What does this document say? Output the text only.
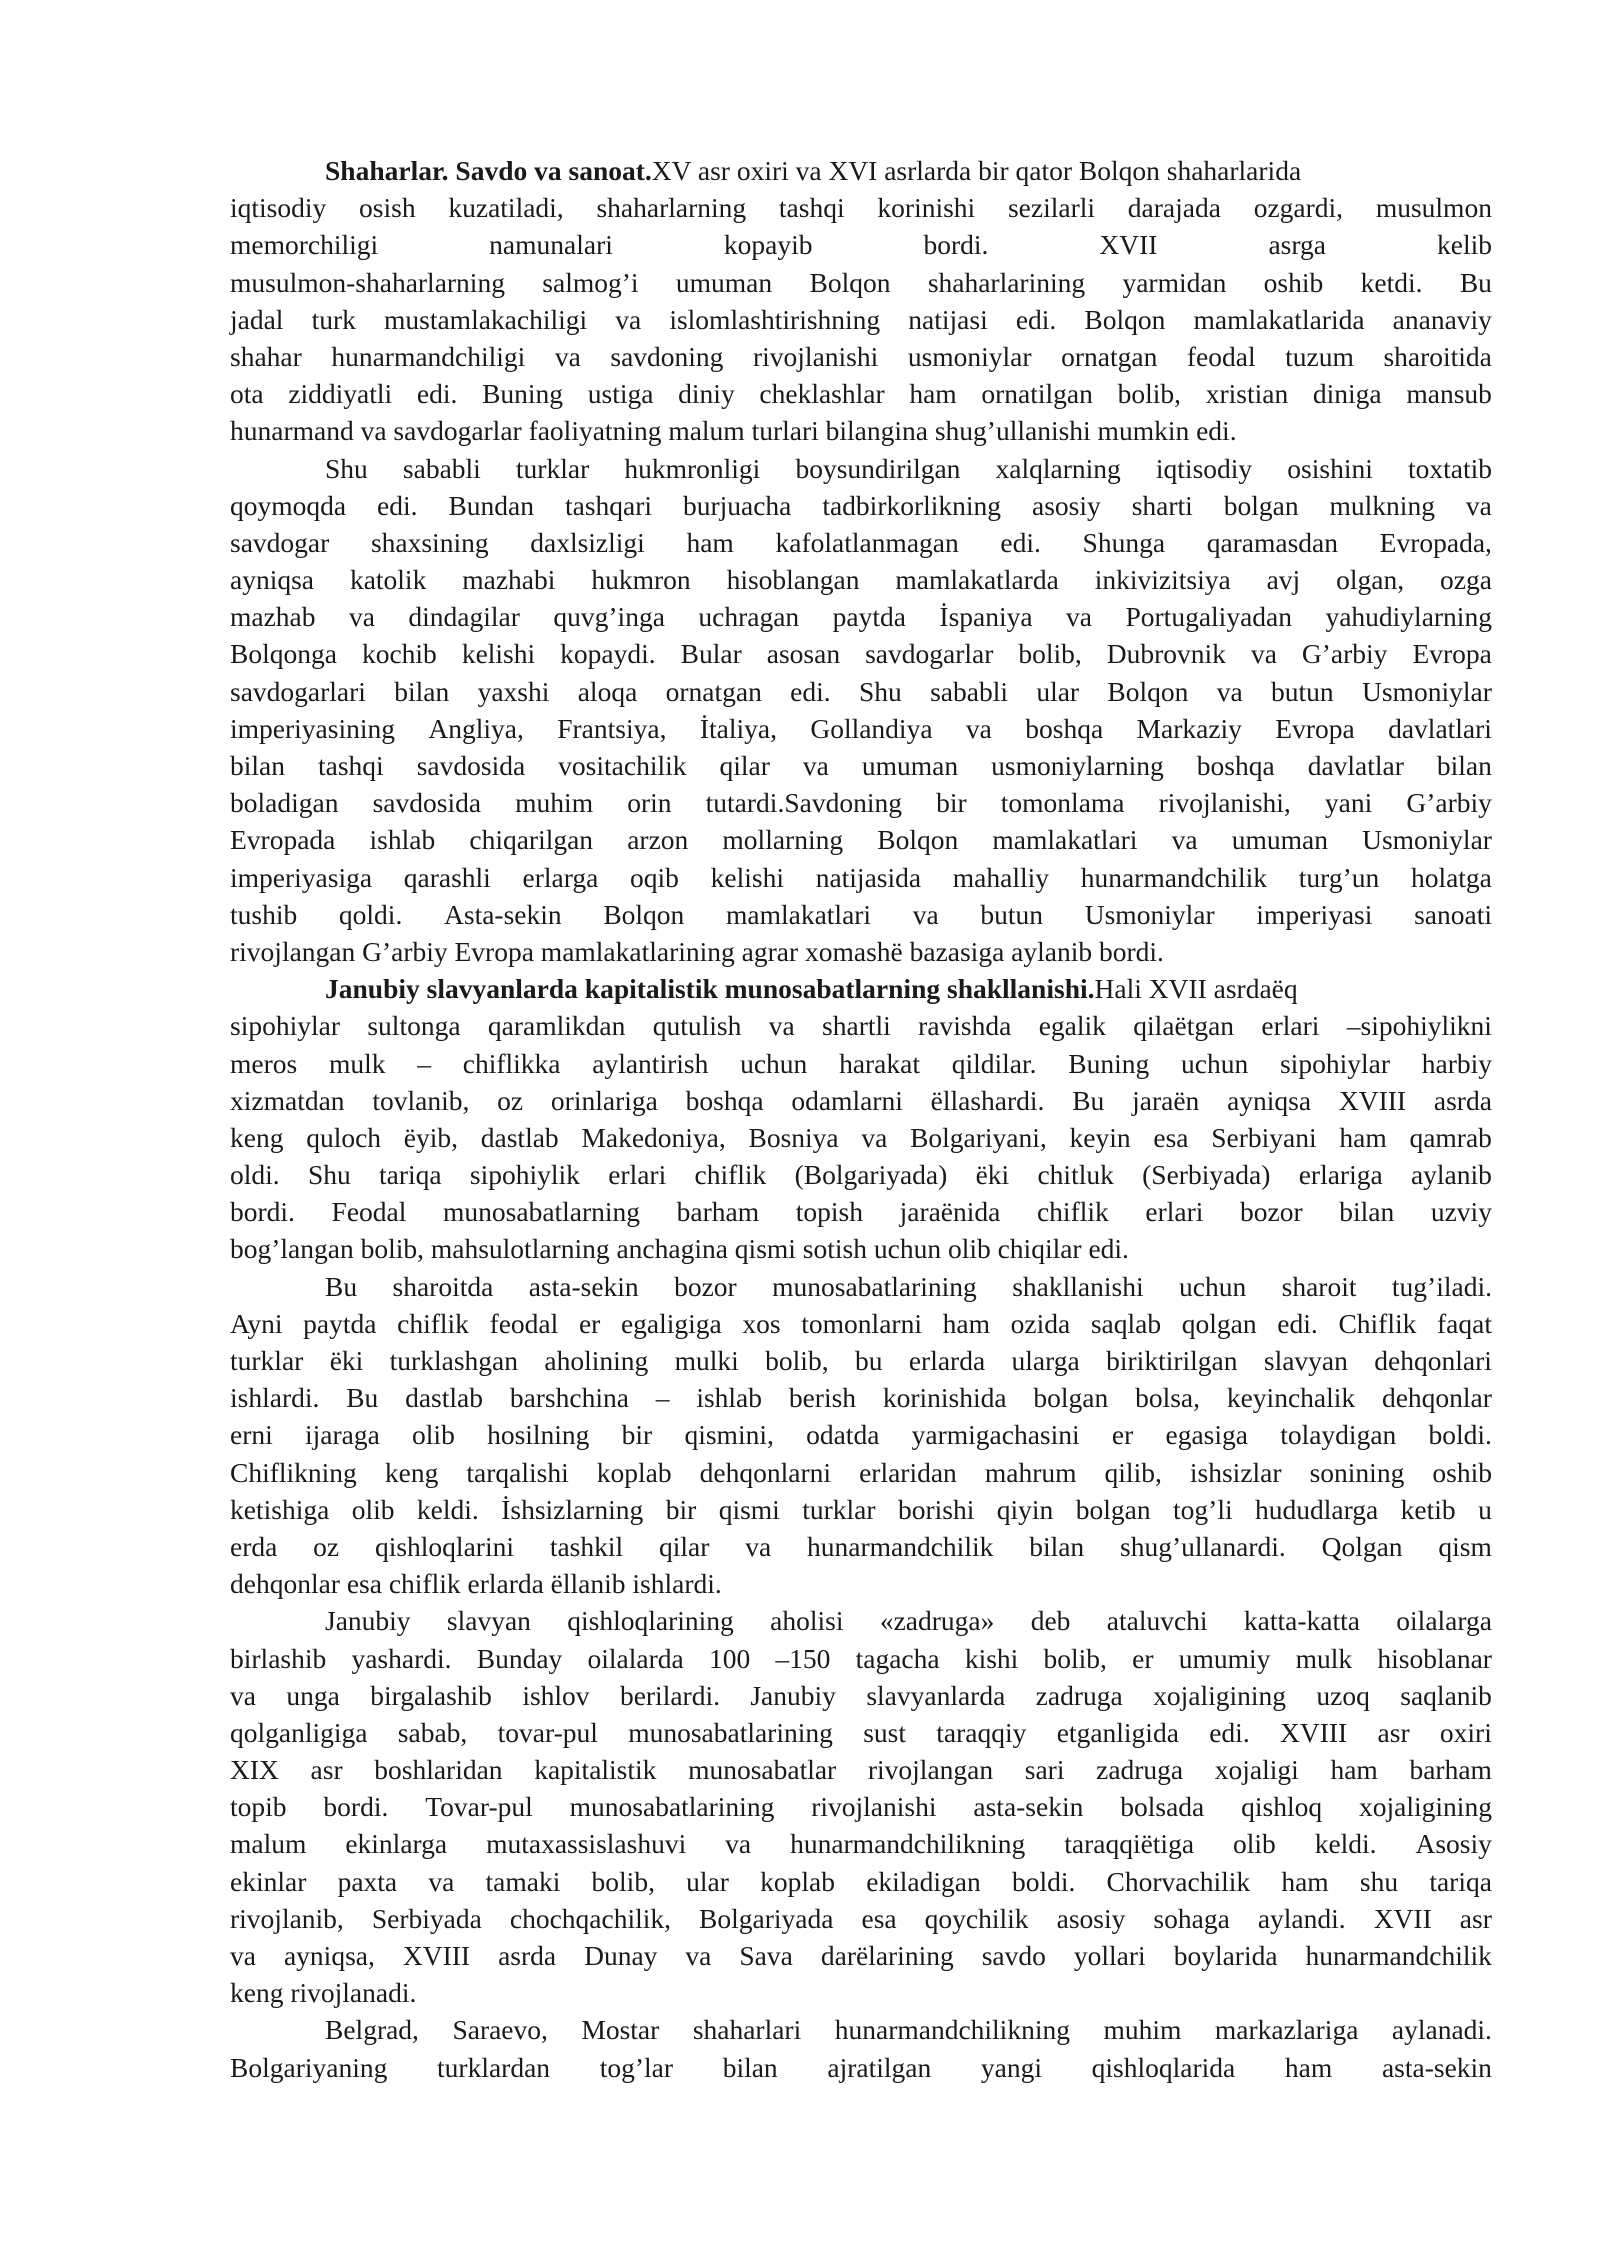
Shaharlar. Savdo va sanoat. XV asr oxiri va XVI asrlarda bir qator Bolqon shaharlarida
iqtisodiy osish kuzatiladi, shaharlarning tashqi korinishi sezilarli darajada ozgardi, musulmon
memorchiligi	namunalari	kopayib	bordi.	XVII	asrga	kelib
musulmon-shaharlarning salmog’i umuman Bolqon shaharlarining yarmidan oshib ketdi. Bu
jadal turk mustamlakachiligi va islomlashtirishning natijasi edi. Bolqon mamlakatlarida ananaviy
shahar hunarmandchiligi va savdoning rivojlanishi usmoniylar ornatgan feodal tuzum sharoitida
ota ziddiyatli edi. Buning ustiga diniy cheklashlar ham ornatilgan bolib, xristian diniga mansub
hunarmand va savdogarlar faoliyatning malum turlari bilangina shug’ullanishi mumkin edi.
Shu sababli turklar hukmronligi boysundirilgan xalqlarning iqtisodiy osishini toxtatib
qoymoqda edi. Bundan tashqari burjuacha tadbirkorlikning asosiy sharti bolgan mulkning va
savdogar shaxsining daxlsizligi ham kafolatlanmagan edi. Shunga qaramasdan Evropada,
ayniqsa katolik mazhabi hukmron hisoblangan mamlakatlarda inkivizitsiya avj olgan, ozga
mazhab va dindagilar quvg’inga uchragan paytda İspaniya va Portugaliyadan yahudiylarning
Bolqonga kochib kelishi kopaydi. Bular asosan savdogarlar bolib, Dubrovnik va G’arbiy Evropa
savdogarlari bilan yaxshi aloqa ornatgan edi. Shu sababli ular Bolqon va butun Usmoniylar
imperiyasining Angliya, Frantsiya, İtaliya, Gollandiya va boshqa Markaziy Evropa davlatlari
bilan tashqi savdosida vositachilik qilar va umuman usmoniylarning boshqa davlatlar bilan
boladigan savdosida muhim orin tutardi.Savdoning bir tomonlama rivojlanishi, yani G’arbiy
Evropada ishlab chiqarilgan arzon mollarning Bolqon mamlakatlari va umuman Usmoniylar
imperiyasiga qarashli erlarga oqib kelishi natijasida mahalliy hunarmandchilik turg’un holatga
tushib qoldi. Asta-sekin Bolqon mamlakatlari va butun Usmoniylar imperiyasi sanoati
rivojlangan G’arbiy Evropa mamlakatlarining agrar xomashë bazasiga aylanib bordi.
Janubiy slavyanlarda kapitalistik munosabatlarning shakllanishi. Hali XVII asrdaëq
sipohiylar sultonga qaramlikdan qutulish va shartli ravishda egalik qilaëtgan erlari –sipohiylikni
meros mulk – chiflikka aylantirish uchun harakat qildilar. Buning uchun sipohiylar harbiy
xizmatdan tovlanib, oz orinlariga boshqa odamlarni ëllashardi. Bu jaraën ayniqsa XVIII asrda
keng quloch ëyib, dastlab Makedoniya, Bosniya va Bolgariyani, keyin esa Serbiyani ham qamrab
oldi. Shu tariqa sipohiylik erlari chiflik (Bolgariyada) ëki chitluk (Serbiyada) erlariga aylanib
bordi. Feodal munosabatlarning barham topish jaraënida chiflik erlari bozor bilan uzviy
bog’langan bolib, mahsulotlarning anchagina qismi sotish uchun olib chiqilar edi.
Bu sharoitda asta-sekin bozor munosabatlarining shakllanishi uchun sharoit tug’iladi.
Ayni paytda chiflik feodal er egaligiga xos tomonlarni ham ozida saqlab qolgan edi. Chiflik faqat
turklar ëki turklashgan aholining mulki bolib, bu erlarda ularga biriktirilgan slavyan dehqonlari
ishlardi. Bu dastlab barshchina – ishlab berish korinishida bolgan bolsa, keyinchalik dehqonlar
erni ijaraga olib hosilning bir qismini, odatda yarmigachasini er egasiga tolaydigan boldi.
Chiflikning keng tarqalishi koplab dehqonlarni erlaridan mahrum qilib, ishsizlar sonining oshib
ketishiga olib keldi. İshsizlarning bir qismi turklar borishi qiyin bolgan tog’li hududlarga ketib u
erda oz qishloqlarini tashkil qilar va hunarmandchilik bilan shug’ullanardi. Qolgan qism
dehqonlar esa chiflik erlarda ëllanib ishlardi.
Janubiy slavyan qishloqlarining aholisi «zadruga» deb ataluvchi katta-katta oilalarga
birlashib yashardi. Bunday oilalarda 100 –150 tagacha kishi bolib, er umumiy mulk hisoblanar
va unga birgalashib ishlov berilardi. Janubiy slavyanlarda zadruga xojaligining uzoq saqlanib
qolganligiga sabab, tovar-pul munosabatlarining sust taraqqiy etganligida edi. XVIII asr oxiri
XIX asr boshlaridan kapitalistik munosabatlar rivojlangan sari zadruga xojaligi ham barham
topib bordi. Tovar-pul munosabatlarining rivojlanishi asta-sekin bolsada qishloq xojaligining
malum ekinlarga mutaxassislashuvi va hunarmandchilikning taraqqiëtiga olib keldi. Asosiy
ekinlar paxta va tamaki bolib, ular koplab ekiladigan boldi. Chorvachilik ham shu tariqa
rivojlanib, Serbiyada chochqachilik, Bolgariyada esa qoychilik asosiy sohaga aylandi. XVII asr
va ayniqsa, XVIII asrda Dunay va Sava darëlarining savdo yollari boylarida hunarmandchilik
keng rivojlanadi.
Belgrad, Saraevo, Mostar shaharlari hunarmandchilikning muhim markazlariga aylanadi.
Bolgariyaning turklardan tog’lar bilan ajratilgan yangi qishloqlarida ham asta-sekin
